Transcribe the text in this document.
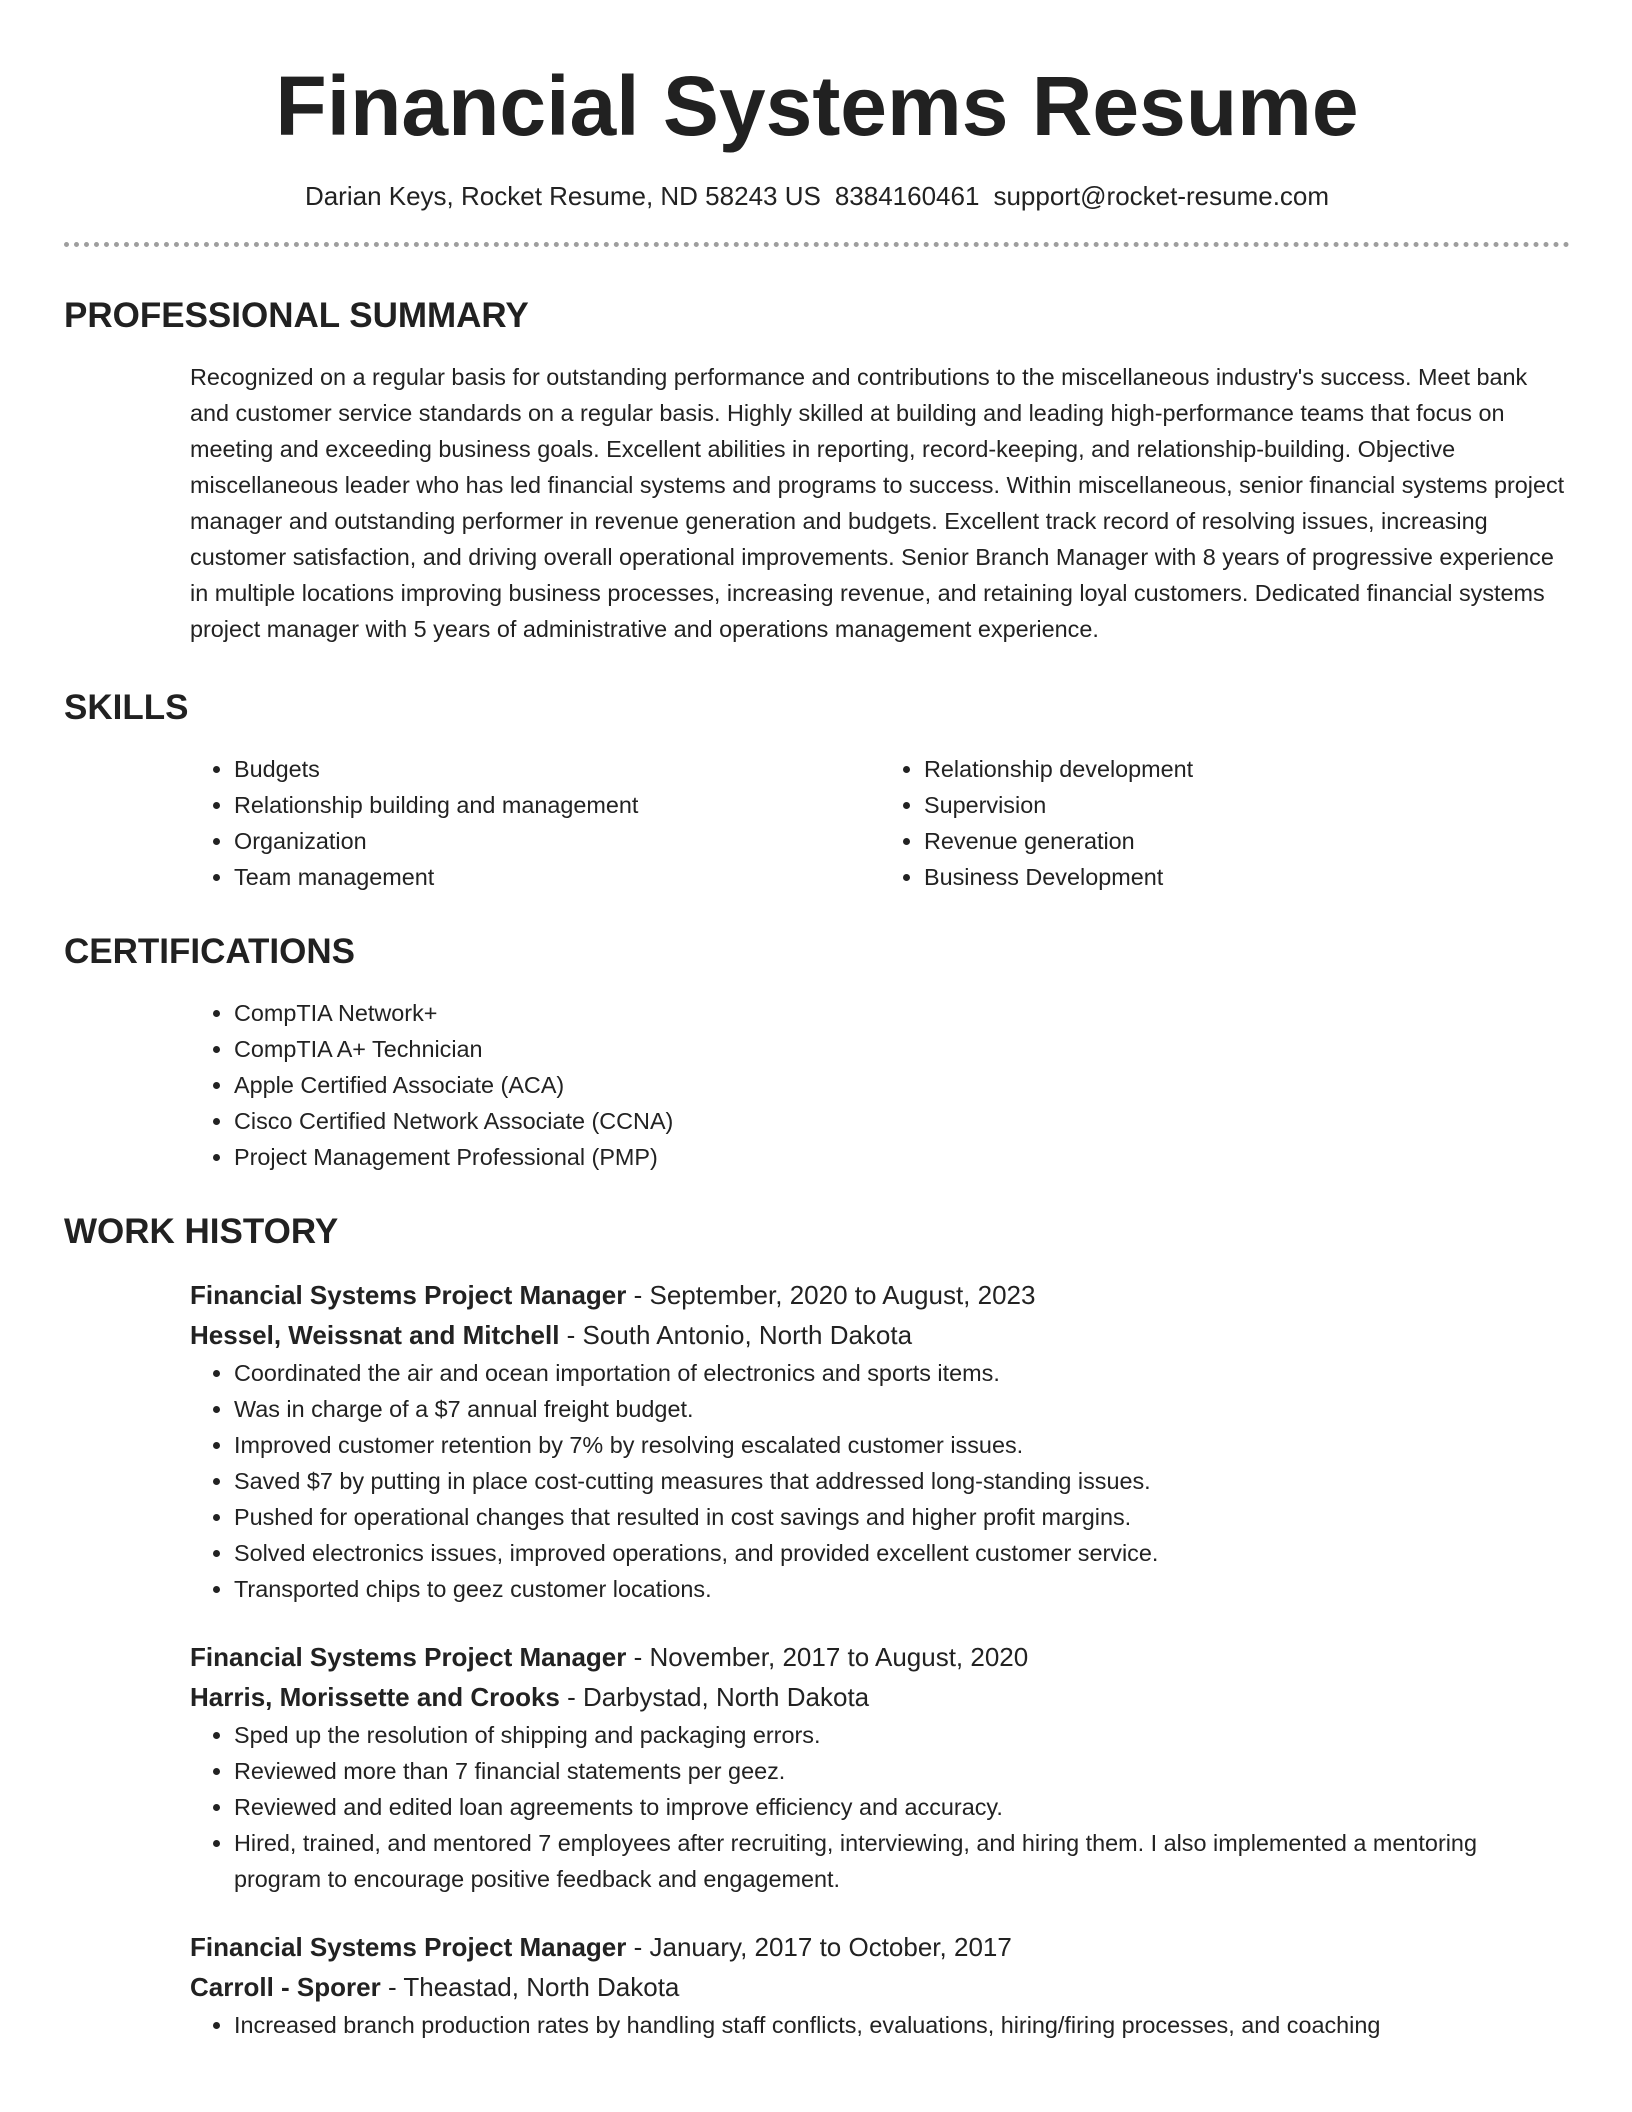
Financial Systems Resume
Darian Keys, Rocket Resume, ND 58243 US 8384160461 support@rocket-resume.com
PROFESSIONAL SUMMARY
Recognized on a regular basis for outstanding performance and contributions to the miscellaneous industry's success. Meet bank and customer service standards on a regular basis. Highly skilled at building and leading high-performance teams that focus on meeting and exceeding business goals. Excellent abilities in reporting, record-keeping, and relationship-building. Objective miscellaneous leader who has led financial systems and programs to success. Within miscellaneous, senior financial systems project manager and outstanding performer in revenue generation and budgets. Excellent track record of resolving issues, increasing customer satisfaction, and driving overall operational improvements. Senior Branch Manager with 8 years of progressive experience in multiple locations improving business processes, increasing revenue, and retaining loyal customers. Dedicated financial systems project manager with 5 years of administrative and operations management experience.
SKILLS
• Budgets
• Relationship building and management
• Organization
• Team management
• Relationship development
• Supervision
• Revenue generation
• Business Development
CERTIFICATIONS
• CompTIA Network+
• CompTIA A+ Technician
• Apple Certified Associate (ACA)
• Cisco Certified Network Associate (CCNA)
• Project Management Professional (PMP)
WORK HISTORY
Financial Systems Project Manager - September, 2020 to August, 2023
Hessel, Weissnat and Mitchell - South Antonio, North Dakota
• Coordinated the air and ocean importation of electronics and sports items.
• Was in charge of a $7 annual freight budget.
• Improved customer retention by 7% by resolving escalated customer issues.
• Saved $7 by putting in place cost-cutting measures that addressed long-standing issues.
• Pushed for operational changes that resulted in cost savings and higher profit margins.
• Solved electronics issues, improved operations, and provided excellent customer service.
• Transported chips to geez customer locations.
Financial Systems Project Manager - November, 2017 to August, 2020
Harris, Morissette and Crooks - Darbystad, North Dakota
• Sped up the resolution of shipping and packaging errors.
• Reviewed more than 7 financial statements per geez.
• Reviewed and edited loan agreements to improve efficiency and accuracy.
• Hired, trained, and mentored 7 employees after recruiting, interviewing, and hiring them. I also implemented a mentoring program to encourage positive feedback and engagement.
Financial Systems Project Manager - January, 2017 to October, 2017
Carroll - Sporer - Theastad, North Dakota
• Increased branch production rates by handling staff conflicts, evaluations, hiring/firing processes, and coaching
